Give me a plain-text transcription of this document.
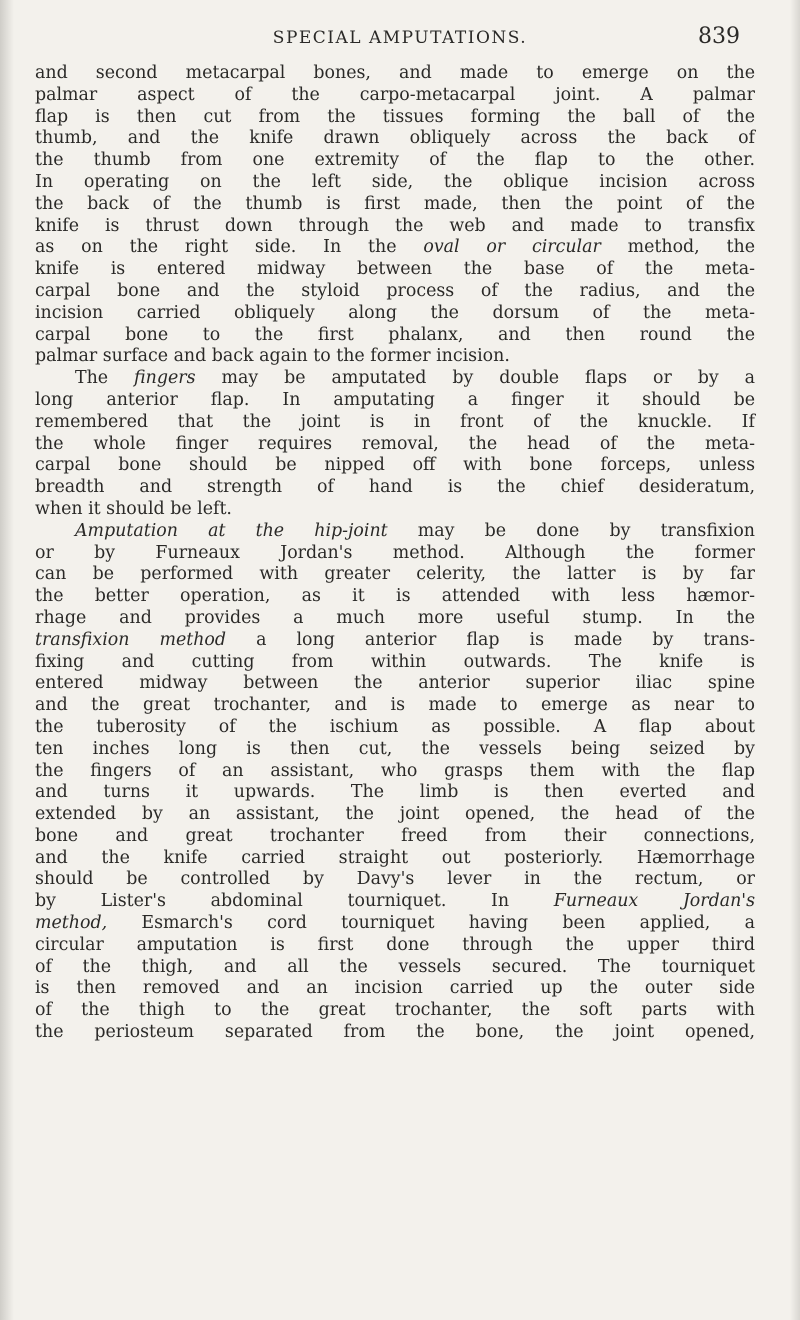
SPECIAL AMPUTATIONS.	839
and second metacarpal bones, and made to emerge on the
palmar aspect of the carpo-metacarpal joint. A palmar
flap is then cut from the tissues forming the ball of the
thumb, and the knife drawn obliquely across the back of
the thumb from one extremity of the flap to the other.
In operating on the left side, the oblique incision across
the back of the thumb is first made, then the point of the
knife is thrust down through the web and made to transfix
as on the right side. In the oval or circular method, the
knife is entered midway between the base of the meta-
carpal bone and the styloid process of the radius, and the
incision carried obliquely along the dorsum of the meta-
carpal bone to the first phalanx, and then round the
palmar surface and back again to the former incision.
The fingers may be amputated by double flaps or by a
long anterior flap. In amputating a finger it should be
remembered that the joint is in front of the knuckle. If
the whole finger requires removal, the head of the meta-
carpal bone should be nipped off with bone forceps, unless
breadth and strength of hand is the chief desideratum,
when it should be left.
Amputation at the hip-joint may be done by transfixion
or by Furneaux Jordan's method. Although the former
can be performed with greater celerity, the latter is by far
the better operation, as it is attended with less hæmor-
rhage and provides a much more useful stump. In the
transfixion method a long anterior flap is made by trans-
fixing and cutting from within outwards. The knife is
entered midway between the anterior superior iliac spine
and the great trochanter, and is made to emerge as near to
the tuberosity of the ischium as possible. A flap about
ten inches long is then cut, the vessels being seized by
the fingers of an assistant, who grasps them with the flap
and turns it upwards. The limb is then everted and
extended by an assistant, the joint opened, the head of the
bone and great trochanter freed from their connections,
and the knife carried straight out posteriorly. Hæmorrhage
should be controlled by Davy's lever in the rectum, or
by Lister's abdominal tourniquet. In Furneaux Jordan's
method, Esmarch's cord tourniquet having been applied, a
circular amputation is first done through the upper third
of the thigh, and all the vessels secured. The tourniquet
is then removed and an incision carried up the outer side
of the thigh to the great trochanter, the soft parts with
the periosteum separated from the bone, the joint opened,
